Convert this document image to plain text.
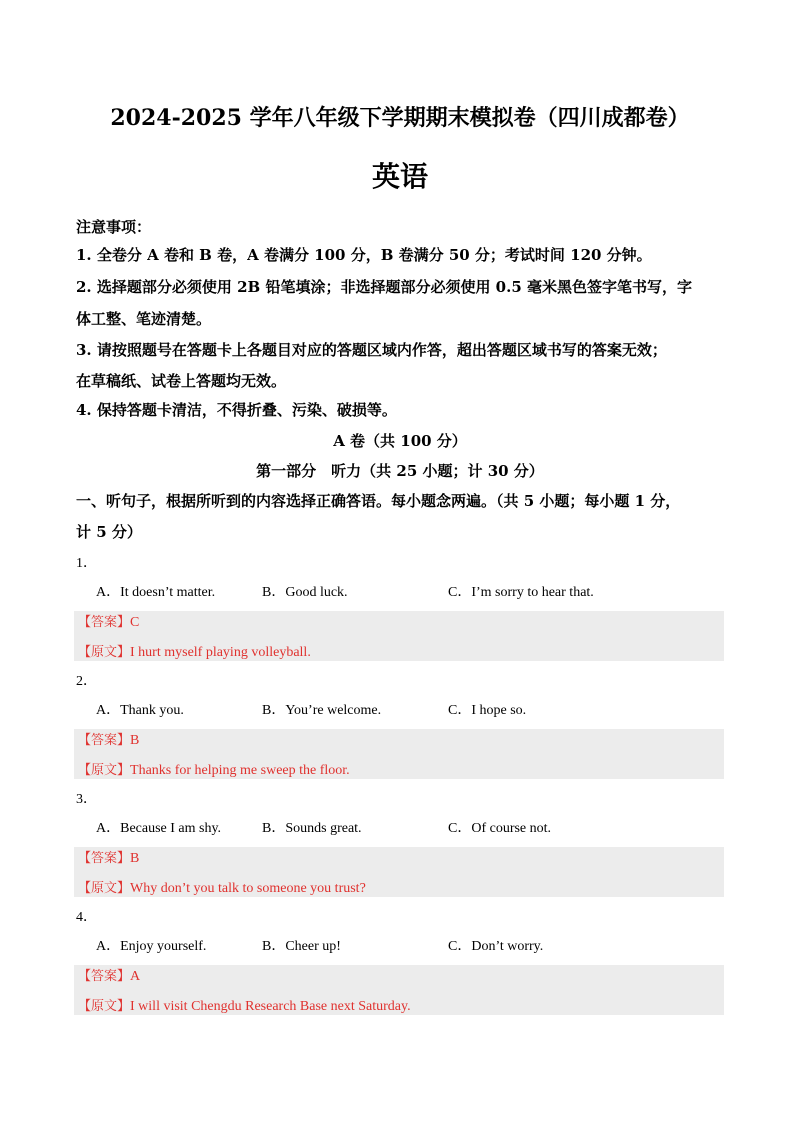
2024-2025 学年八年级下学期期末模拟卷（四川成都卷）
英语
注意事项：
1. 全卷分 A 卷和 B 卷，A 卷满分 100 分，B 卷满分 50 分；考试时间 120 分钟。
2. 选择题部分必须使用 2B 铅笔填涂；非选择题部分必须使用 0.5 毫米黑色签字笔书写，字
体工整、笔迹清楚。
3. 请按照题号在答题卡上各题目对应的答题区域内作答，超出答题区域书写的答案无效；
在草稿纸、试卷上答题均无效。
4. 保持答题卡清洁，不得折叠、污染、破损等。
A 卷（共 100 分）
第一部分　听力（共 25 小题；计 30 分）
一、听句子，根据所听到的内容选择正确答语。每小题念两遍。（共 5 小题；每小题 1 分，
计 5 分）
1．
A．It doesn’t matter.	B．Good luck.	C．I’m sorry to hear that.
【答案】C
【原文】I hurt myself playing volleyball.
2．
A．Thank you.	B．You’re welcome.	C．I hope so.
【答案】B
【原文】Thanks for helping me sweep the floor.
3．
A．Because I am shy.	B．Sounds great.	C．Of course not.
【答案】B
【原文】Why don’t you talk to someone you trust?
4．
A．Enjoy yourself.	B．Cheer up!	C．Don’t worry.
【答案】A
【原文】I will visit Chengdu Research Base next Saturday.
